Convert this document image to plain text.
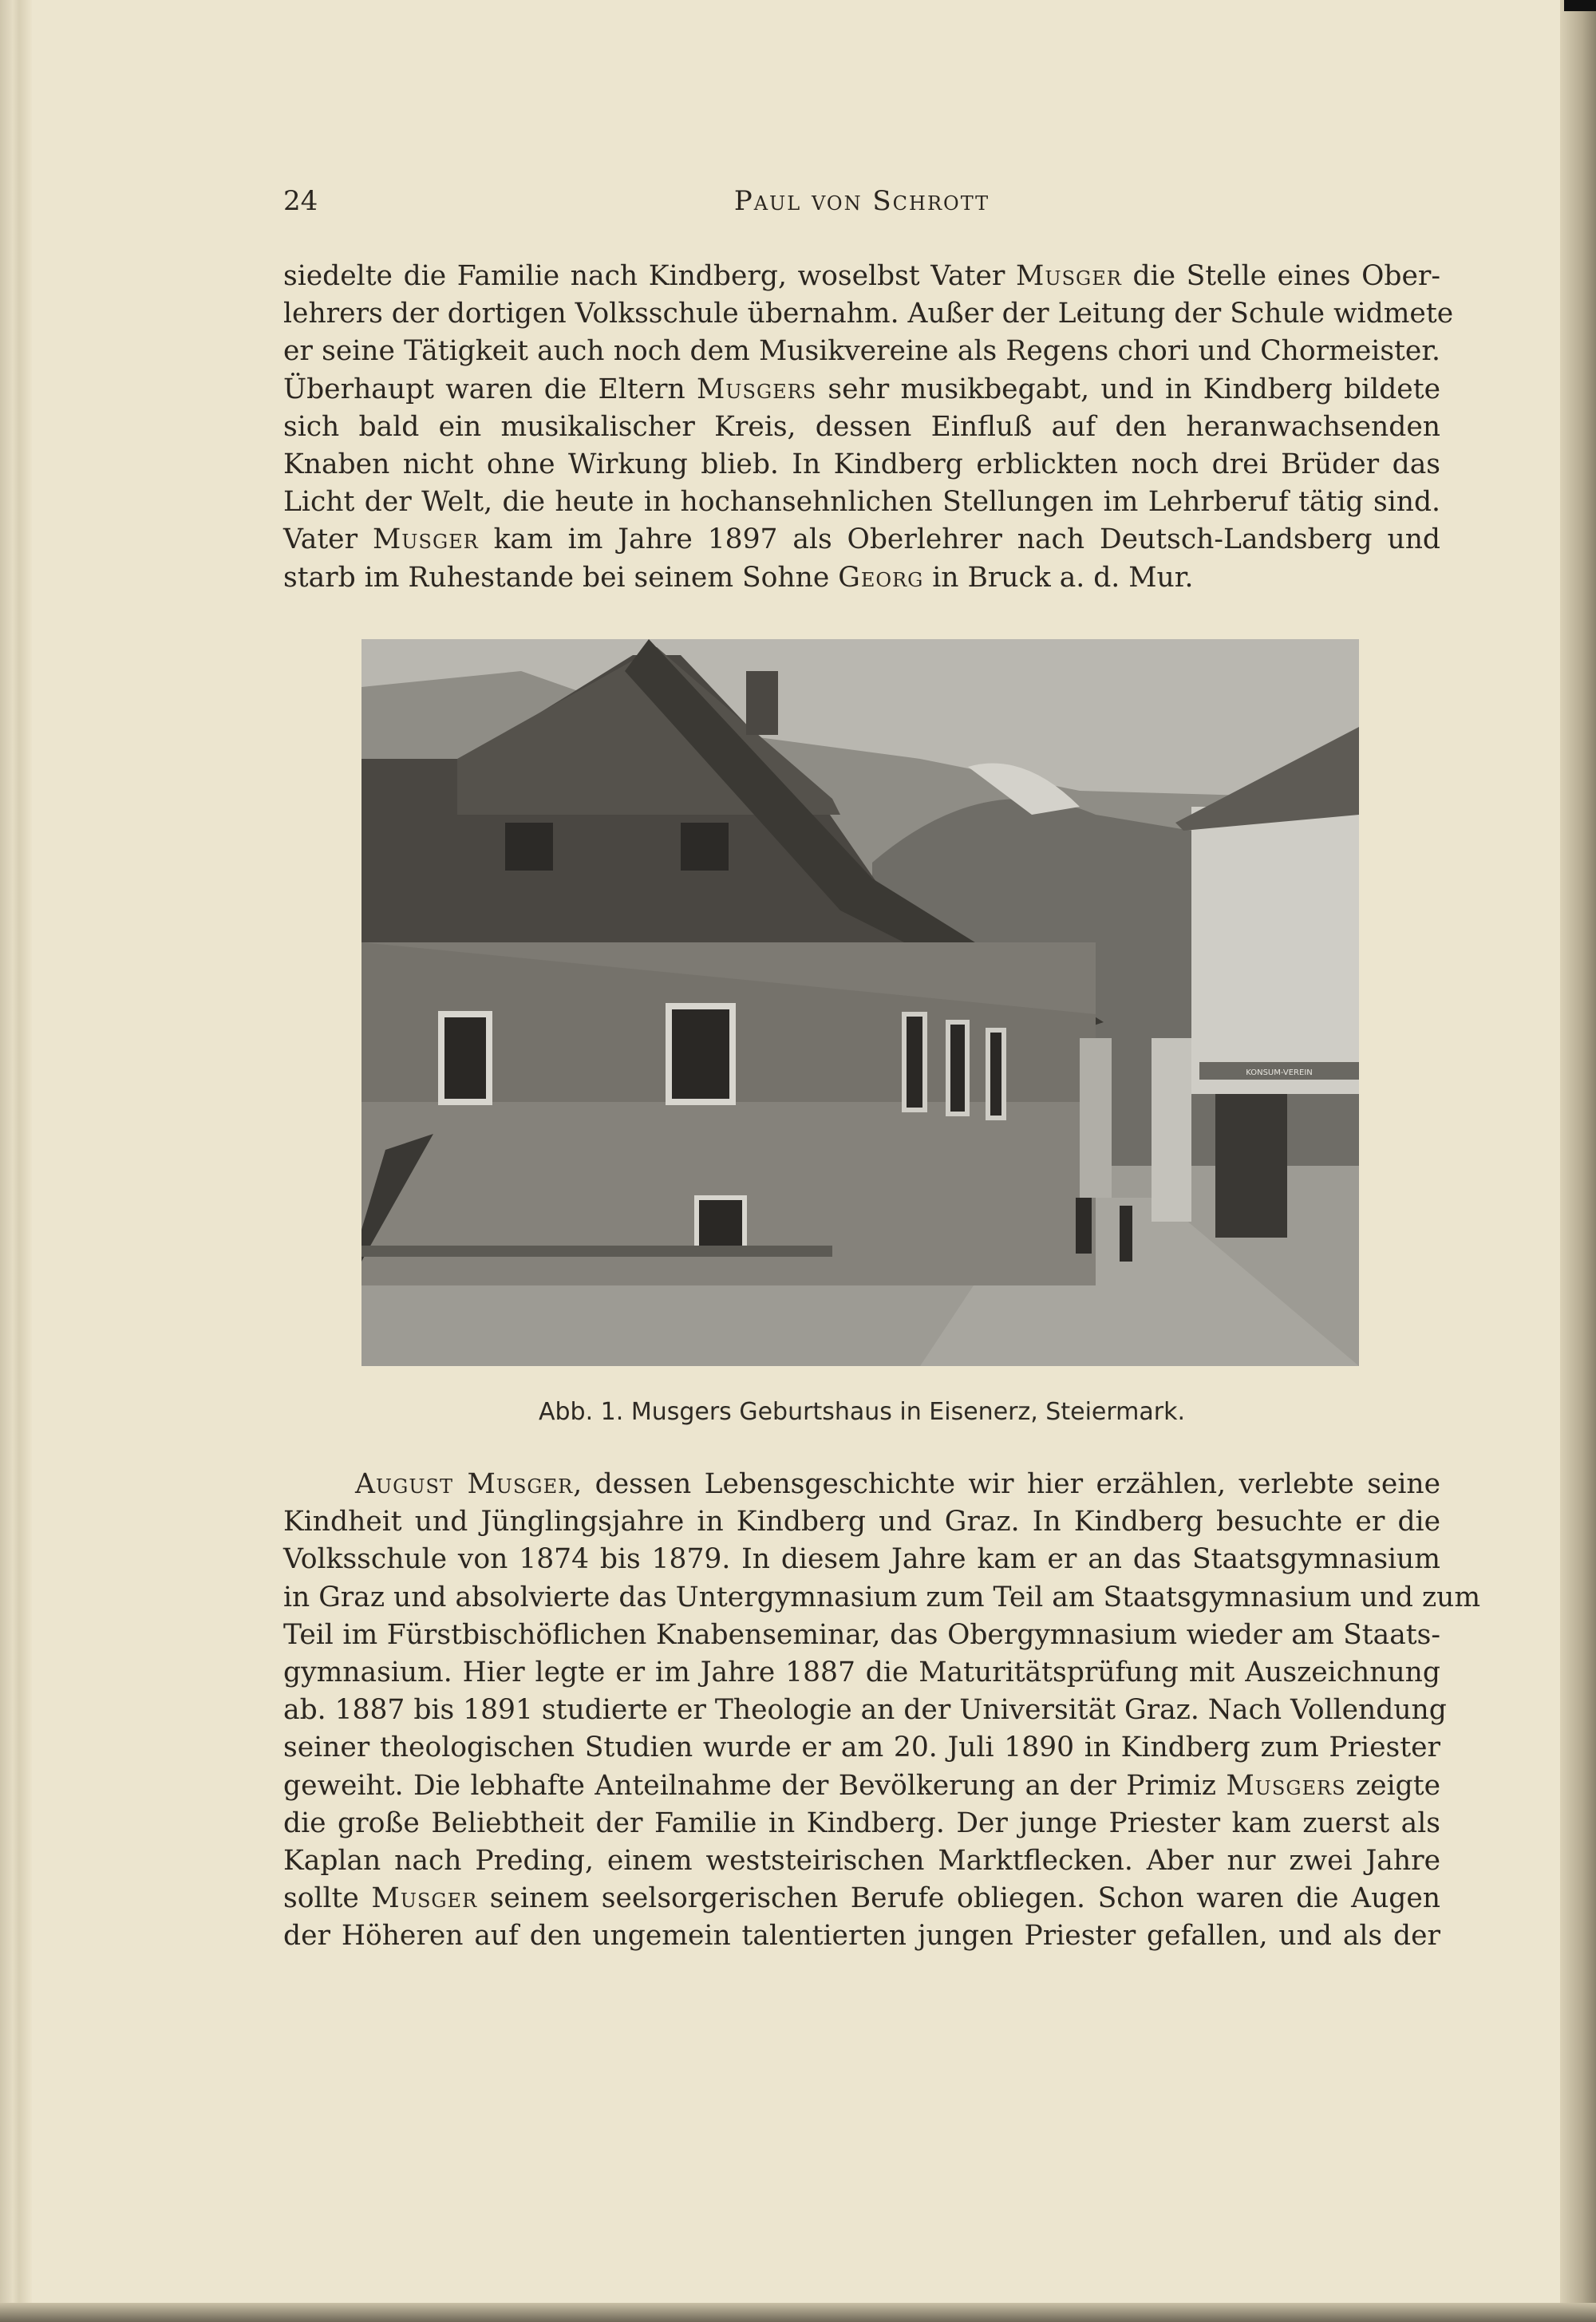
24	Paul von Schrott
siedelte die Familie nach Kindberg, woselbst Vater Musger die Stelle eines Ober-
lehrers der dortigen Volksschule übernahm. Außer der Leitung der Schule widmete
er seine Tätigkeit auch noch dem Musikvereine als Regens chori und Chormeister.
Überhaupt waren die Eltern Musgers sehr musikbegabt, und in Kindberg bildete
sich bald ein musikalischer Kreis, dessen Einfluß auf den heranwachsenden
Knaben nicht ohne Wirkung blieb. In Kindberg erblickten noch drei Brüder das
Licht der Welt, die heute in hochansehnlichen Stellungen im Lehrberuf tätig sind.
Vater Musger kam im Jahre 1897 als Oberlehrer nach Deutsch-Landsberg und
starb im Ruhestande bei seinem Sohne Georg in Bruck a. d. Mur.
KONSUM-VEREIN
Abb. 1. Musgers Geburtshaus in Eisenerz, Steiermark.
August Musger, dessen Lebensgeschichte wir hier erzählen, verlebte seine
Kindheit und Jünglingsjahre in Kindberg und Graz. In Kindberg besuchte er die
Volksschule von 1874 bis 1879. In diesem Jahre kam er an das Staatsgymnasium
in Graz und absolvierte das Untergymnasium zum Teil am Staatsgymnasium und zum
Teil im Fürstbischöflichen Knabenseminar, das Obergymnasium wieder am Staats-
gymnasium. Hier legte er im Jahre 1887 die Maturitätsprüfung mit Auszeichnung
ab. 1887 bis 1891 studierte er Theologie an der Universität Graz. Nach Vollendung
seiner theologischen Studien wurde er am 20. Juli 1890 in Kindberg zum Priester
geweiht. Die lebhafte Anteilnahme der Bevölkerung an der Primiz Musgers zeigte
die große Beliebtheit der Familie in Kindberg. Der junge Priester kam zuerst als
Kaplan nach Preding, einem weststeirischen Marktflecken. Aber nur zwei Jahre
sollte Musger seinem seelsorgerischen Berufe obliegen. Schon waren die Augen
der Höheren auf den ungemein talentierten jungen Priester gefallen, und als der
